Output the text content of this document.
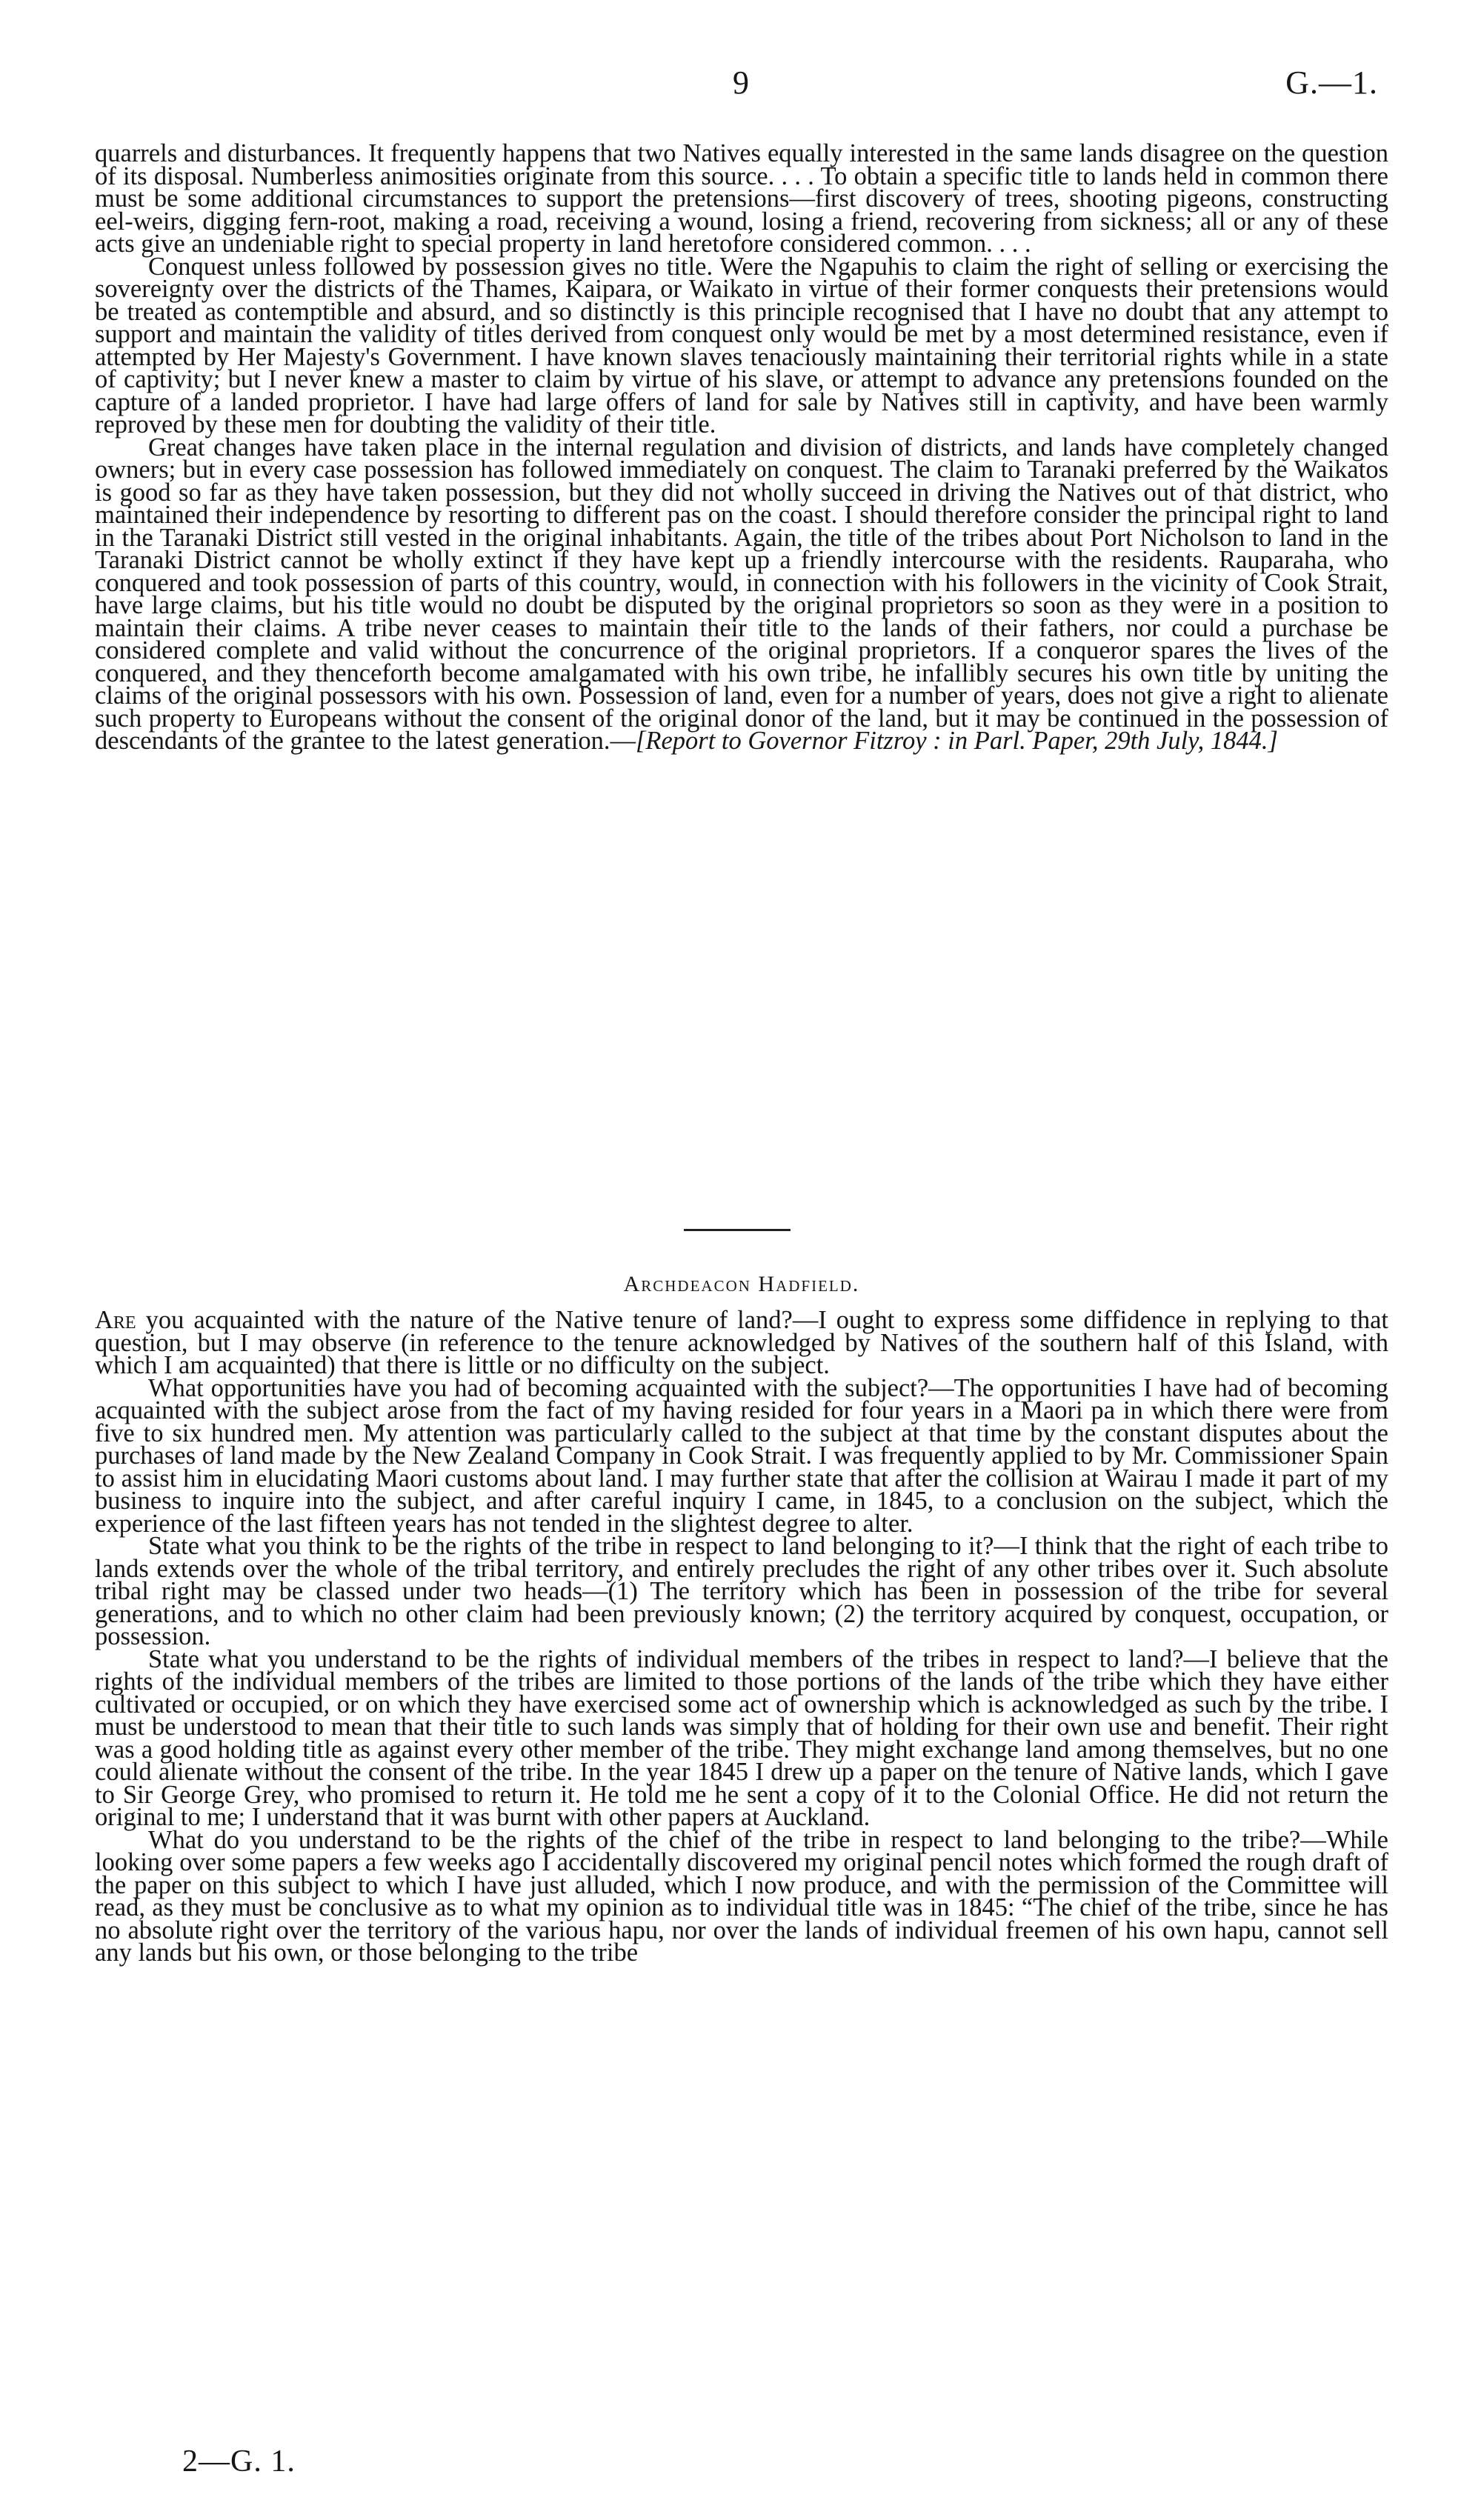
9	G.—1.

quarrels and disturbances. It frequently happens that two Natives equally interested in the same lands disagree on the question of its disposal. Numberless animosities originate from this source. . . . To obtain a specific title to lands held in common there must be some additional circumstances to support the pretensions—first discovery of trees, shooting pigeons, constructing eel-weirs, digging fern-root, making a road, receiving a wound, losing a friend, recovering from sickness; all or any of these acts give an undeniable right to special property in land heretofore considered common. . . .

Conquest unless followed by possession gives no title. Were the Ngapuhis to claim the right of selling or exercising the sovereignty over the districts of the Thames, Kaipara, or Waikato in virtue of their former conquests their pretensions would be treated as contemptible and absurd, and so distinctly is this principle recognised that I have no doubt that any attempt to support and maintain the validity of titles derived from conquest only would be met by a most determined resistance, even if attempted by Her Majesty's Government. I have known slaves tenaciously maintaining their territorial rights while in a state of captivity; but I never knew a master to claim by virtue of his slave, or attempt to advance any pretensions founded on the capture of a landed proprietor. I have had large offers of land for sale by Natives still in captivity, and have been warmly reproved by these men for doubting the validity of their title.

Great changes have taken place in the internal regulation and division of districts, and lands have completely changed owners; but in every case possession has followed immediately on conquest. The claim to Taranaki preferred by the Waikatos is good so far as they have taken possession, but they did not wholly succeed in driving the Natives out of that district, who maintained their independence by resorting to different pas on the coast. I should therefore consider the principal right to land in the Taranaki District still vested in the original inhabitants. Again, the title of the tribes about Port Nicholson to land in the Taranaki District cannot be wholly extinct if they have kept up a friendly intercourse with the residents. Rauparaha, who conquered and took possession of parts of this country, would, in connection with his followers in the vicinity of Cook Strait, have large claims, but his title would no doubt be disputed by the original proprietors so soon as they were in a position to maintain their claims. A tribe never ceases to maintain their title to the lands of their fathers, nor could a purchase be considered complete and valid without the concurrence of the original proprietors. If a conqueror spares the lives of the conquered, and they thenceforth become amalgamated with his own tribe, he infallibly secures his own title by uniting the claims of the original possessors with his own. Possession of land, even for a number of years, does not give a right to alienate such property to Europeans without the consent of the original donor of the land, but it may be continued in the possession of descendants of the grantee to the latest generation.—[Report to Governor Fitzroy : in Parl. Paper, 29th July, 1844.]

Archdeacon Hadfield.

Are you acquainted with the nature of the Native tenure of land?—I ought to express some diffidence in replying to that question, but I may observe (in reference to the tenure acknowledged by Natives of the southern half of this Island, with which I am acquainted) that there is little or no difficulty on the subject.

What opportunities have you had of becoming acquainted with the subject?—The opportunities I have had of becoming acquainted with the subject arose from the fact of my having resided for four years in a Maori pa in which there were from five to six hundred men. My attention was particularly called to the subject at that time by the constant disputes about the purchases of land made by the New Zealand Company in Cook Strait. I was frequently applied to by Mr. Commissioner Spain to assist him in elucidating Maori customs about land. I may further state that after the collision at Wairau I made it part of my business to inquire into the subject, and after careful inquiry I came, in 1845, to a conclusion on the subject, which the experience of the last fifteen years has not tended in the slightest degree to alter.

State what you think to be the rights of the tribe in respect to land belonging to it?—I think that the right of each tribe to lands extends over the whole of the tribal territory, and entirely precludes the right of any other tribes over it. Such absolute tribal right may be classed under two heads—(1) The territory which has been in possession of the tribe for several generations, and to which no other claim had been previously known; (2) the territory acquired by conquest, occupation, or possession.

State what you understand to be the rights of individual members of the tribes in respect to land?—I believe that the rights of the individual members of the tribes are limited to those portions of the lands of the tribe which they have either cultivated or occupied, or on which they have exercised some act of ownership which is acknowledged as such by the tribe. I must be understood to mean that their title to such lands was simply that of holding for their own use and benefit. Their right was a good holding title as against every other member of the tribe. They might exchange land among themselves, but no one could alienate without the consent of the tribe. In the year 1845 I drew up a paper on the tenure of Native lands, which I gave to Sir George Grey, who promised to return it. He told me he sent a copy of it to the Colonial Office. He did not return the original to me; I understand that it was burnt with other papers at Auckland.

What do you understand to be the rights of the chief of the tribe in respect to land belonging to the tribe?—While looking over some papers a few weeks ago I accidentally discovered my original pencil notes which formed the rough draft of the paper on this subject to which I have just alluded, which I now produce, and with the permission of the Committee will read, as they must be conclusive as to what my opinion as to individual title was in 1845: “The chief of the tribe, since he has no absolute right over the territory of the various hapu, nor over the lands of individual freemen of his own hapu, cannot sell any lands but his own, or those belonging to the tribe

2—G. 1.
